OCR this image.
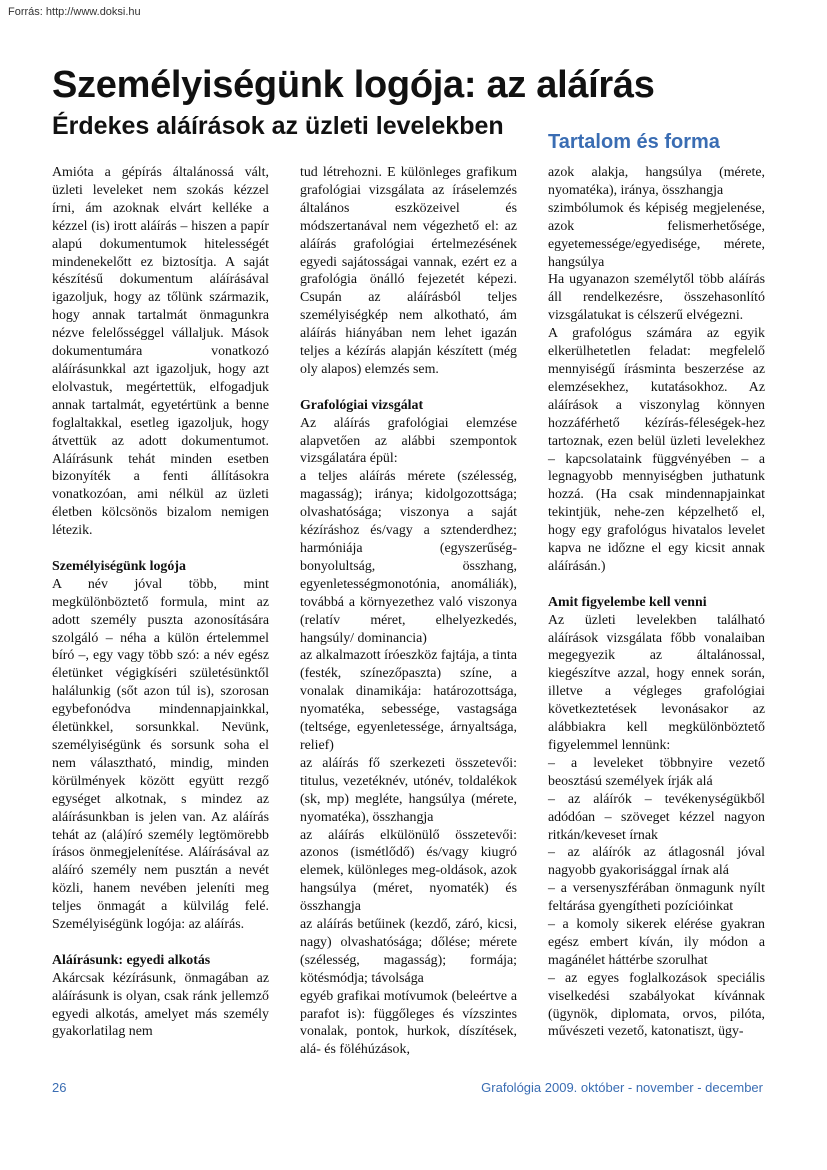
Forrás: http://www.doksi.hu
Személyiségünk logója: az aláírás
Érdekes aláírások az üzleti levelekben
Tartalom és forma

Amióta a gépírás általánossá vált, üzleti leveleket nem szokás kézzel írni, ám azoknak elvárt kelléke a kézzel (is) irott aláírás – hiszen a papír alapú dokumentumok hitelességét mindenekelőtt ez biztosítja. A saját készítésű dokumentum aláírásával igazoljuk, hogy az tőlünk származik, hogy annak tartalmát önmagunkra nézve felelősséggel vállaljuk. Mások dokumentumára vonatkozó aláírásunkkal azt igazoljuk, hogy azt elolvastuk, megértettük, elfogadjuk annak tartalmát, egyetértünk a benne foglaltakkal, esetleg igazoljuk, hogy átvettük az adott dokumentumot. Aláírásunk tehát minden esetben bizonyíték a fenti állításokra vonatkozóan, ami nélkül az üzleti életben kölcsönös bizalom nemigen létezik.

Személyiségünk logója

A név jóval több, mint megkülönböztető formula, mint az adott személy puszta azonosítására szolgáló – néha a külön értelemmel bíró –, egy vagy több szó: a név egész életünket végigkíséri születésünktől halálunkig (sőt azon túl is), szorosan egybefonódva mindennapjainkkal, életünkkel, sorsunkkal. Nevünk, személyiségünk és sorsunk soha el nem választható, mindig, minden körülmények között együtt rezgő egységet alkotnak, s mindez az aláírásunkban is jelen van. Az aláírás tehát az (alá)író személy legtömörebb írásos önmegjelenítése. Aláírásával az aláíró személy nem pusztán a nevét közli, hanem nevében jeleníti meg teljes önmagát a külvilág felé. Személyiségünk logója: az aláírás.

Aláírásunk: egyedi alkotás

Akárcsak kézírásunk, önmagában az aláírásunk is olyan, csak ránk jellemző egyedi alkotás, amelyet más személy gyakorlatilag nem

tud létrehozni. E különleges grafikum grafológiai vizsgálata az íráselemzés általános eszközeivel és módszertanával nem végezhető el: az aláírás grafológiai értelmezésének egyedi sajátosságai vannak, ezért ez a grafológia önálló fejezetét képezi. Csupán az aláírásból teljes személyiségkép nem alkotható, ám aláírás hiányában nem lehet igazán teljes a kézírás alapján készített (még oly alapos) elemzés sem.

Grafológiai vizsgálat

Az aláírás grafológiai elemzése alapvetően az alábbi szempontok vizsgálatára épül:

a teljes aláírás mérete (szélesség, magasság); iránya; kidolgozottsága; olvashatósága; viszonya a saját kézíráshoz és/vagy a sztenderdhez; harmóniája (egyszerűség-bonyolultság, összhang, egyenletességmonotónia, anomáliák), továbbá a környezethez való viszonya (relatív méret, elhelyezkedés, hangsúly/ dominancia)

az alkalmazott íróeszköz fajtája, a tinta (festék, színezőpaszta) színe, a vonalak dinamikája: határozottsága, nyomatéka, sebessége, vastagsága (teltsége, egyenletessége, árnyaltsága, relief)

az aláírás fő szerkezeti összetevői: titulus, vezetéknév, utónév, toldalékok (sk, mp) megléte, hangsúlya (mérete, nyomatéka), összhangja

az aláírás elkülönülő összetevői: azonos (ismétlődő) és/vagy kiugró elemek, különleges meg-oldások, azok hangsúlya (méret, nyomaték) és összhangja

az aláírás betűinek (kezdő, záró, kicsi, nagy) olvashatósága; dőlése; mérete (szélesség, magasság); formája; kötésmódja; távolsága

egyéb grafikai motívumok (beleértve a parafot is): függőleges és vízszintes vonalak, pontok, hurkok, díszítések, alá- és föléhúzások,

azok alakja, hangsúlya (mérete, nyomatéka), iránya, összhangja

szimbólumok és képiség megjelenése, azok felismerhetősége, egyetemessége/egyedisége, mérete, hangsúlya

Ha ugyanazon személytől több aláírás áll rendelkezésre, összehasonlító vizsgálatukat is célszerű elvégezni.

A grafológus számára az egyik elkerülhetetlen feladat: megfelelő mennyiségű írásminta beszerzése az elemzésekhez, kutatásokhoz. Az aláírások a viszonylag könnyen hozzáférhető kézírás-féleségek-hez tartoznak, ezen belül üzleti levelekhez – kapcsolataink függvényében – a legnagyobb mennyiségben juthatunk hozzá. (Ha csak mindennapjainkat tekintjük, nehe-zen képzelhető el, hogy egy grafológus hivatalos levelet kapva ne időzne el egy kicsit annak aláírásán.)

Amit figyelembe kell venni

Az üzleti levelekben található aláírások vizsgálata főbb vonalaiban megegyezik az általánossal, kiegészítve azzal, hogy ennek során, illetve a végleges grafológiai következtetések levonásakor az alábbiakra kell megkülönböztető figyelemmel lennünk:

– a leveleket többnyire vezető beosztású személyek írják alá

– az aláírók – tevékenységükből adódóan – szöveget kézzel nagyon ritkán/keveset írnak

– az aláírók az átlagosnál jóval nagyobb gyakorisággal írnak alá

– a versenyszférában önmagunk nyílt feltárása gyengítheti pozícióinkat

– a komoly sikerek elérése gyakran egész embert kíván, ily módon a magánélet háttérbe szorulhat

– az egyes foglalkozások speciális viselkedési szabályokat kívánnak (ügynök, diplomata, orvos, pilóta, művészeti vezető, katonatiszt, ügy-

26	Grafológia 2009. október - november - december
